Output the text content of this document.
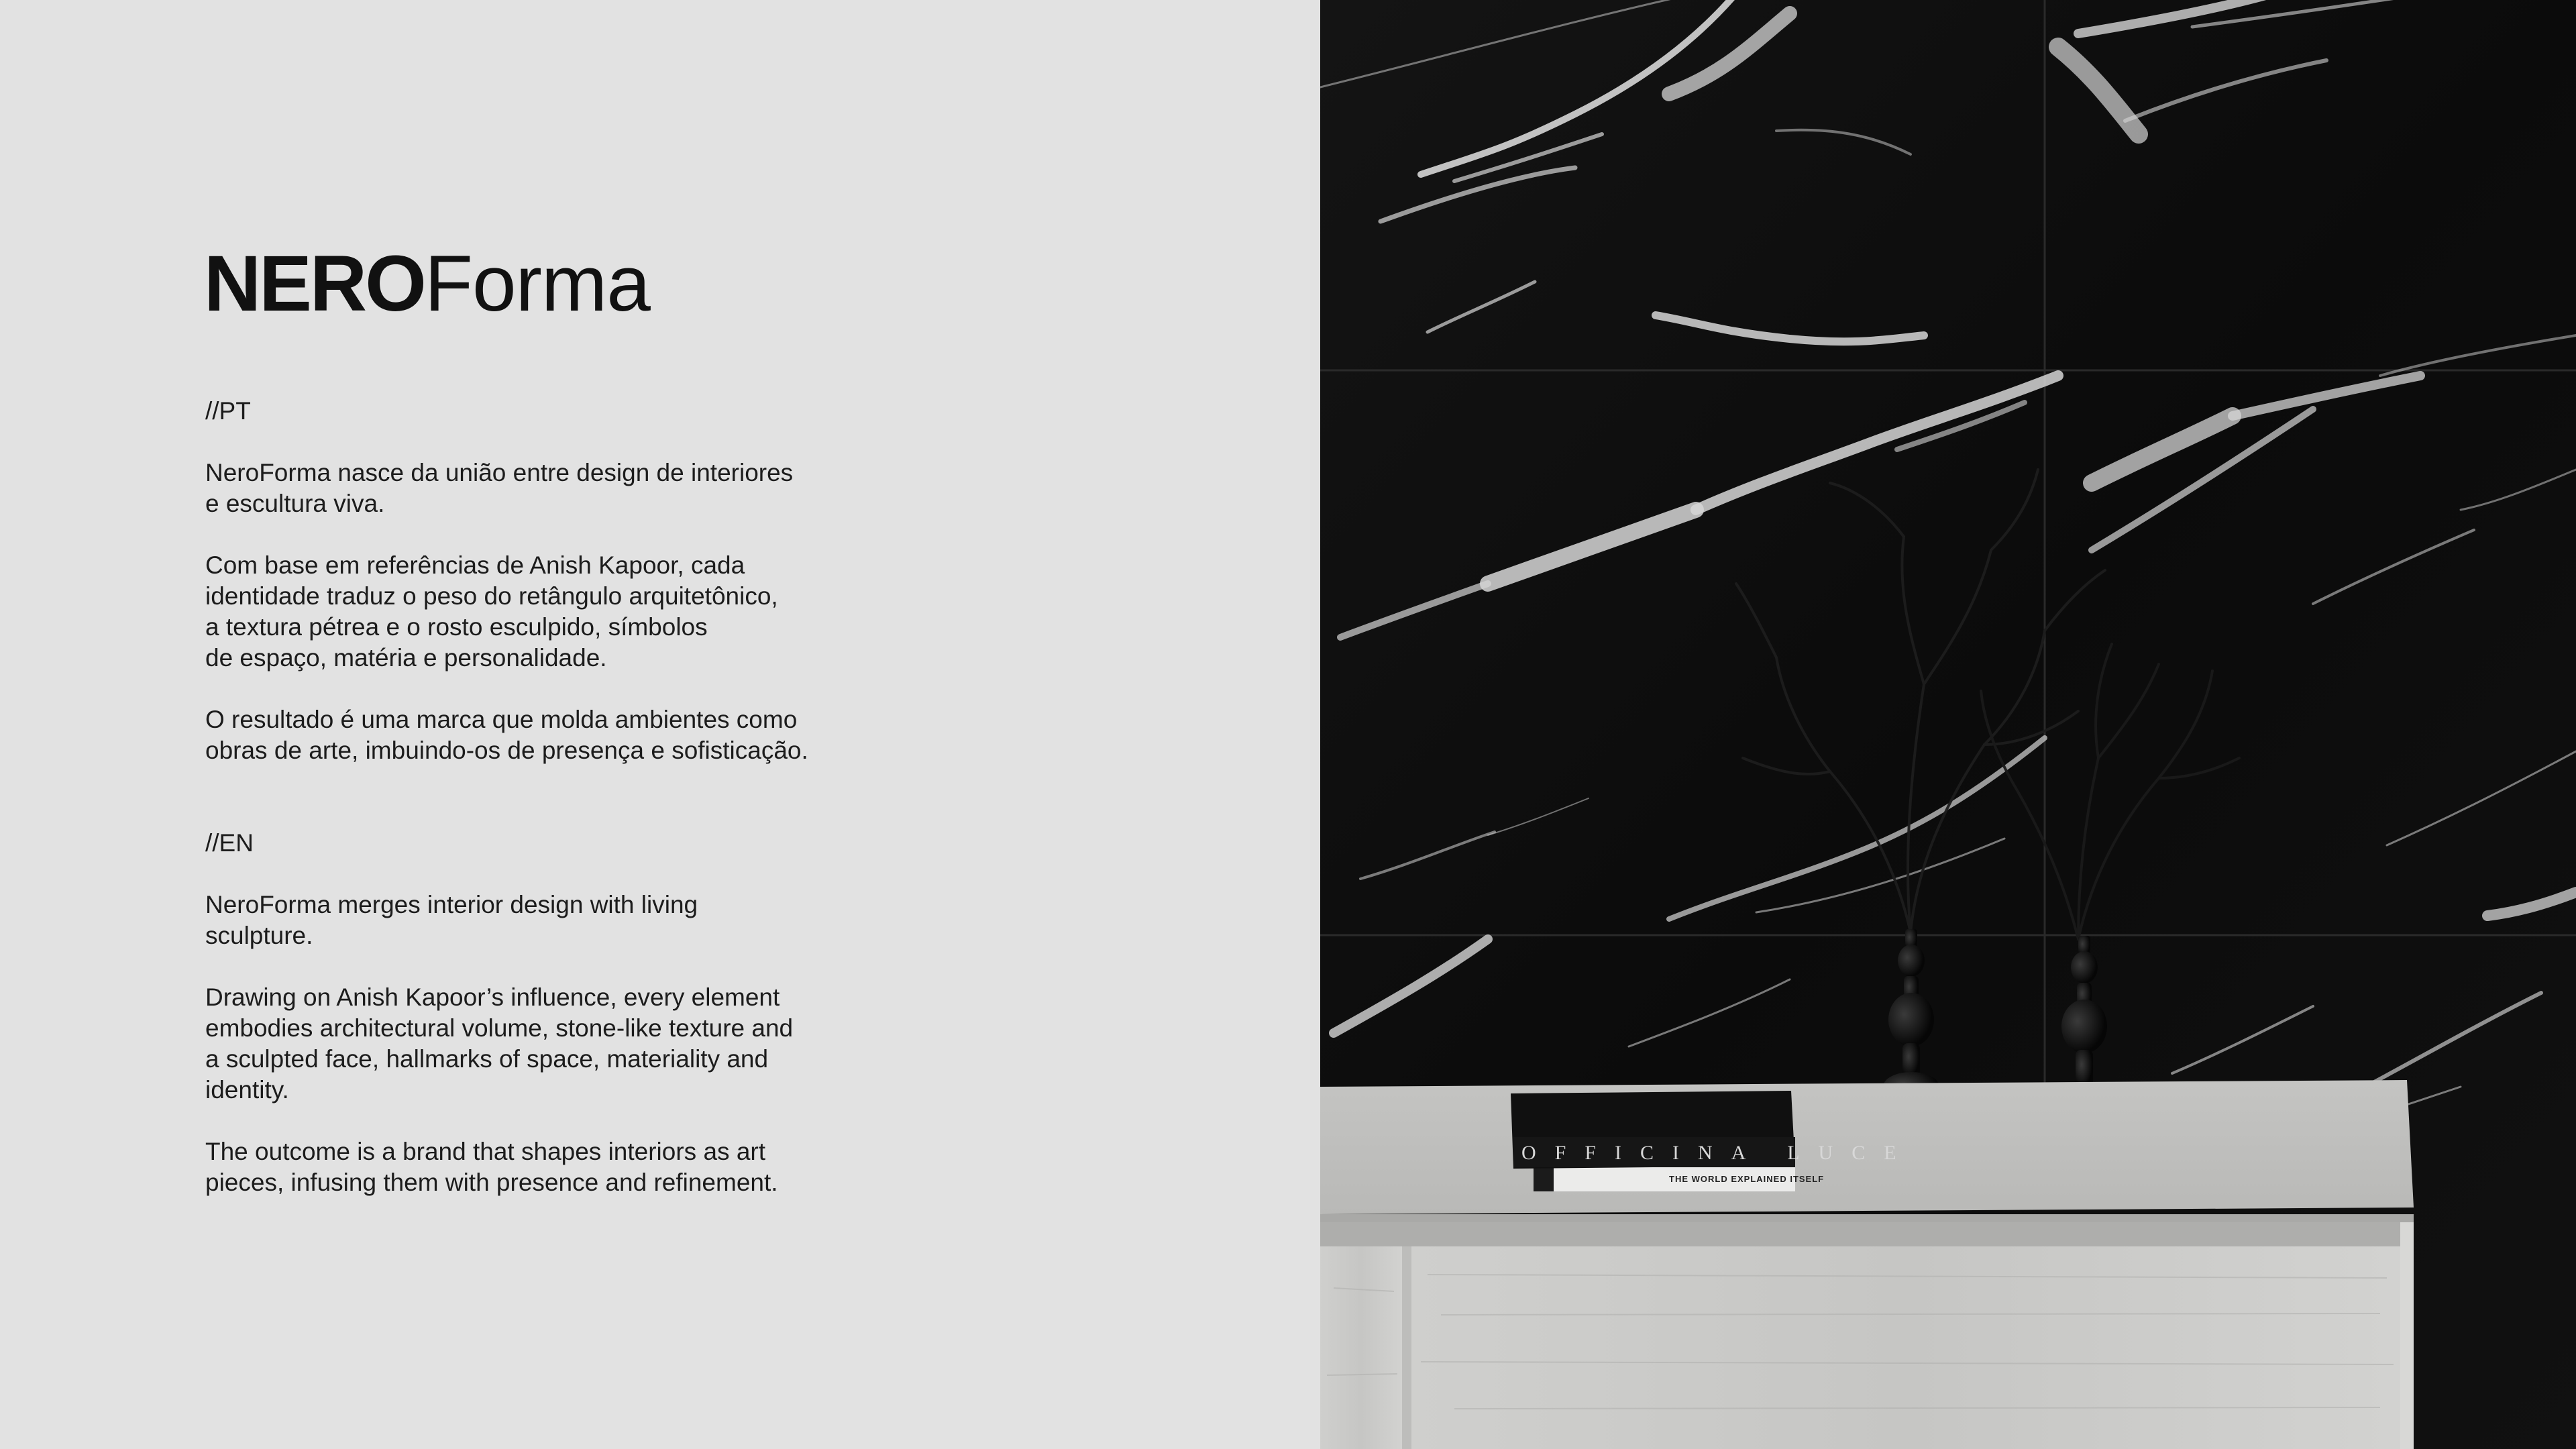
NEROForma

//PT

NeroForma nasce da união entre design de interiores
e escultura viva.

Com base em referências de Anish Kapoor, cada
identidade traduz o peso do retângulo arquitetônico,
a textura pétrea e o rosto esculpido, símbolos
de espaço, matéria e personalidade.

O resultado é uma marca que molda ambientes como
obras de arte, imbuindo-os de presença e sofisticação.

//EN

NeroForma merges interior design with living
sculpture.

Drawing on Anish Kapoor’s influence, every element
embodies architectural volume, stone-like texture and
a sculpted face, hallmarks of space, materiality and
identity.

The outcome is a brand that shapes interiors as art
pieces, infusing them with presence and refinement.	THE WORLD EXPLAINED ITSELF
OFFICINA LUCE
